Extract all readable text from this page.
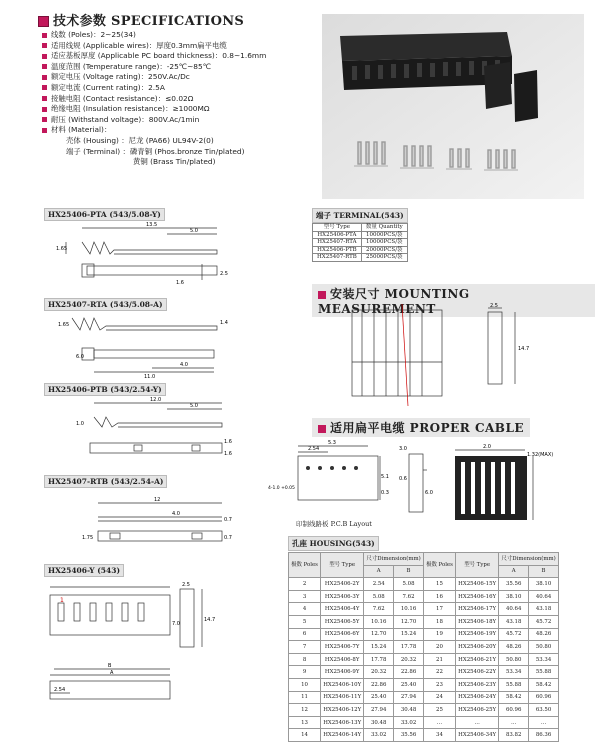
技术参数 SPECIFICATIONS
线数 (Poles)：2~25(34)
适用线规 (Applicable wires)：厚度0.3mm扁平电缆
适应基板厚度 (Applicable PC board thickness)：0.8~1.6mm
温度范围 (Temperature range)：-25℃~85℃
额定电压 (Voltage rating)：250V.Ac/Dc
额定电流 (Current rating)：2.5A
接触电阻 (Contact resistance)：≤0.02Ω
绝缘电阻 (Insulation resistance)：≥1000MΩ
耐压 (Withstand voltage)：800V.Ac/1min
材料 (Material)：
壳体 (Housing) ：尼龙 (PA66) UL94V-2(0)
端子 (Terminal) ：磷青铜 (Phos.bronze Tin/plated)
黄铜 (Brass Tin/plated)
HX25406-PTA (543/5.08-Y)
13.5
5.0
1.65
1.6
2.5
HX25407-RTA (543/5.08-A)
1.65	1.4
6.0
11.0
4.0
HX25406-PTB (543/2.54-Y)
12.0
5.0
1.0
1.6
1.6
HX25407-RTB (543/2.54-A)
12
4.0
1.75
0.7
0.7
HX25406-Y (543)
1
2.5
7.0
14.7
B
A
2.54
端子 TERMINAL(543)
型号 Type	数量 Quantity
HX25406-PTA	10000PCS/袋
HX25407-RTA	10000PCS/袋
HX25406-PTB	20000PCS/袋
HX25407-RTB	25000PCS/袋
安装尺寸 MOUNTING MEASUREMENT	2.5
14.7
适用扁平电缆 PROPER CABLE
2.54
5.3
5.1
0.3
4-1.0 +0.05
印制线路板 P.C.B Layout
3.0
0.6
1.32(MAX)
6.0
2.0
孔座 HOUSING(543)
极数 Poles	型号 Type	尺寸Dimension(mm)		极数 Poles	型号 Type	尺寸Dimension(mm)	
		A	B			A	B
2	HX25406-2Y	2.54	5.08	15	HX25406-15Y	35.56	38.10
3	HX25406-3Y	5.08	7.62	16	HX25406-16Y	38.10	40.64
4	HX25406-4Y	7.62	10.16	17	HX25406-17Y	40.64	43.18
5	HX25406-5Y	10.16	12.70	18	HX25406-18Y	43.18	45.72
6	HX25406-6Y	12.70	15.24	19	HX25406-19Y	45.72	48.26
7	HX25406-7Y	15.24	17.78	20	HX25406-20Y	48.26	50.80
8	HX25406-8Y	17.78	20.32	21	HX25406-21Y	50.80	53.34
9	HX25406-9Y	20.32	22.86	22	HX25406-22Y	53.34	55.88
10	HX25406-10Y	22.86	25.40	23	HX25406-23Y	55.88	58.42
11	HX25406-11Y	25.40	27.94	24	HX25406-24Y	58.42	60.96
12	HX25406-12Y	27.94	30.48	25	HX25406-25Y	60.96	63.50
13	HX25406-13Y	30.48	33.02	…	…	…	…
14	HX25406-14Y	33.02	35.56	34	HX25406-34Y	83.82	86.36
